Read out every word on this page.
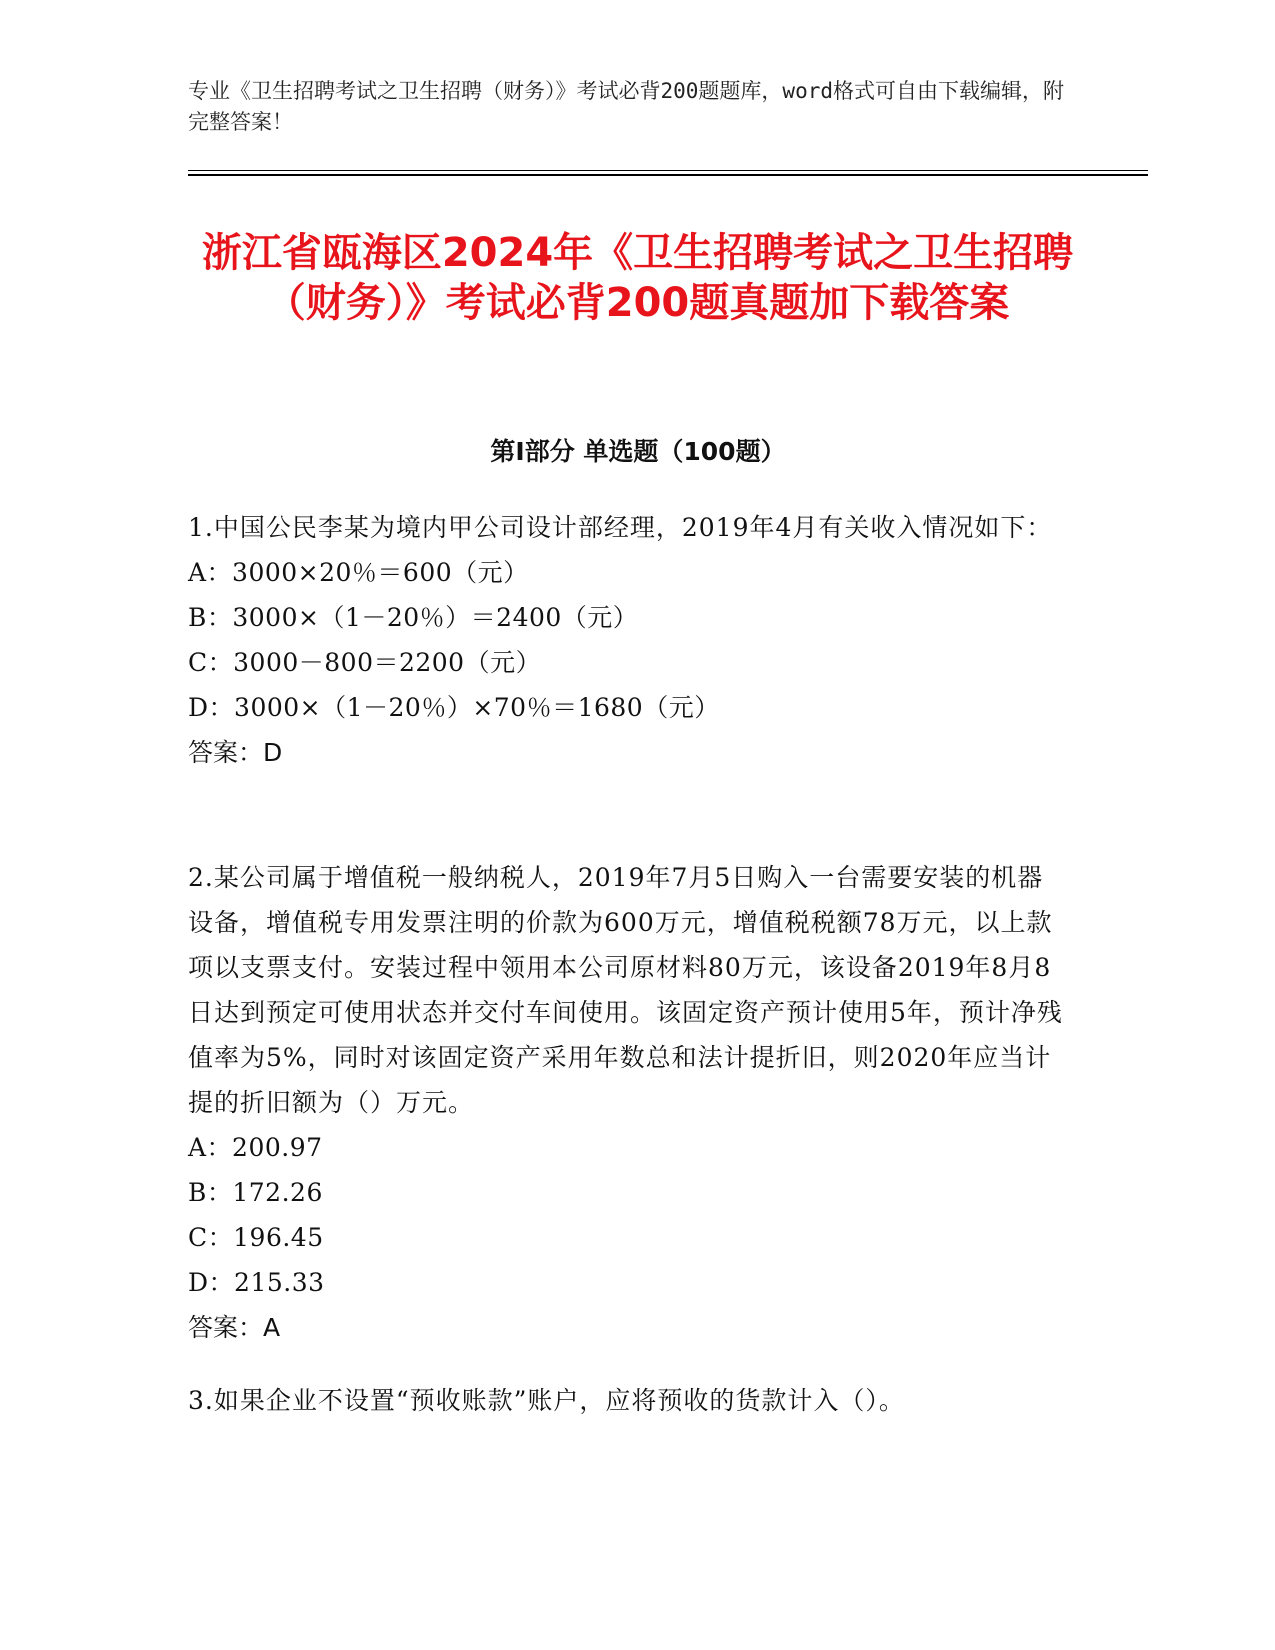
专业《卫生招聘考试之卫生招聘（财务）》考试必背200题题库，word格式可自由下载编辑，附完整答案！
浙江省瓯海区2024年《卫生招聘考试之卫生招聘（财务）》考试必背200题真题加下载答案
第I部分 单选题（100题）

1.中国公民李某为境内甲公司设计部经理，2019年4月有关收入情况如下：

A：3000×20％＝600（元）

B：3000×（1－20％）＝2400（元）

C：3000－800＝2200（元）

D：3000×（1－20％）×70％＝1680（元）

答案：D

2.某公司属于增值税一般纳税人，2019年7月5日购入一台需要安装的机器设备，增值税专用发票注明的价款为600万元，增值税税额78万元，以上款项以支票支付。安装过程中领用本公司原材料80万元，该设备2019年8月8日达到预定可使用状态并交付车间使用。该固定资产预计使用5年，预计净残值率为5%，同时对该固定资产采用年数总和法计提折旧，则2020年应当计提的折旧额为（）万元。

A：200.97

B：172.26

C：196.45

D：215.33

答案：A

3.如果企业不设置“预收账款”账户，应将预收的货款计入（）。
